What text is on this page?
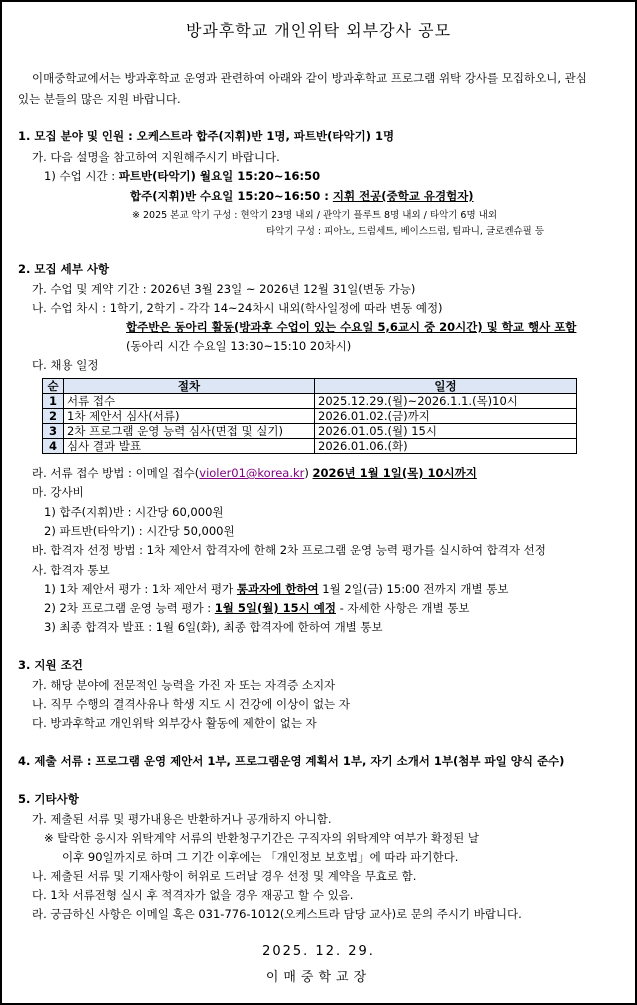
방과후학교 개인위탁 외부강사 공모
이매중학교에서는 방과후학교 운영과 관련하여 아래와 같이 방과후학교 프로그램 위탁 강사를 모집하오니, 관심
있는 분들의 많은 지원 바랍니다.
1. 모집 분야 및 인원 : 오케스트라 합주(지휘)반 1명, 파트반(타악기) 1명
가. 다음 설명을 참고하여 지원해주시기 바랍니다.
1) 수업 시간 : 파트반(타악기) 월요일 15:20~16:50
합주(지휘)반 수요일 15:20~16:50 : 지휘 전공(중학교 유경험자)
※ 2025 본교 악기 구성 : 현악기 23명 내외 / 관악기 플루트 8명 내외 / 타악기 6명 내외
타악기 구성 : 피아노, 드럼세트, 베이스드럼, 팀파니, 글로켄슈필 등
2. 모집 세부 사항
가. 수업 및 계약 기간 : 2026년 3월 23일 ~ 2026년 12월 31일(변동 가능)
나. 수업 차시 : 1학기, 2학기 - 각각 14~24차시 내외(학사일정에 따라 변동 예정)
합주반은 동아리 활동(방과후 수업이 있는 수요일 5,6교시 중 20시간) 및 학교 행사 포함
(동아리 시간 수요일 13:30~15:10 20차시)
다. 채용 일정
순	절차	일정
1	서류 접수	2025.12.29.(월)~2026.1.1.(목)10시
2	1차 제안서 심사(서류)	2026.01.02.(금)까지
3	2차 프로그램 운영 능력 심사(면접 및 실기)	2026.01.05.(월) 15시
4	심사 결과 발표	2026.01.06.(화)
라. 서류 접수 방법 : 이메일 접수(violer01@korea.kr) 2026년 1월 1일(목) 10시까지
마. 강사비
1) 합주(지휘)반 : 시간당 60,000원
2) 파트반(타악기) : 시간당 50,000원
바. 합격자 선정 방법 : 1차 제안서 합격자에 한해 2차 프로그램 운영 능력 평가를 실시하여 합격자 선정
사. 합격자 통보
1) 1차 제안서 평가 : 1차 제안서 평가 통과자에 한하여 1월 2일(금) 15:00 전까지 개별 통보
2) 2차 프로그램 운영 능력 평가 : 1월 5일(월) 15시 예정 - 자세한 사항은 개별 통보
3) 최종 합격자 발표 : 1월 6일(화), 최종 합격자에 한하여 개별 통보
3. 지원 조건
가. 해당 분야에 전문적인 능력을 가진 자 또는 자격증 소지자
나. 직무 수행의 결격사유나 학생 지도 시 건강에 이상이 없는 자
다. 방과후학교 개인위탁 외부강사 활동에 제한이 없는 자
4. 제출 서류 : 프로그램 운영 제안서 1부, 프로그램운영 계획서 1부, 자기 소개서 1부(첨부 파일 양식 준수)
5. 기타사항
가. 제출된 서류 및 평가내용은 반환하거나 공개하지 아니함.
※ 탈락한 응시자 위탁계약 서류의 반환청구기간은 구직자의 위탁계약 여부가 확정된 날
이후 90일까지로 하며 그 기간 이후에는 「개인정보 보호법」에 따라 파기한다.
나. 제출된 서류 및 기재사항이 허위로 드러날 경우 선정 및 계약을 무효로 함.
다. 1차 서류전형 실시 후 적격자가 없을 경우 재공고 할 수 있음.
라. 궁금하신 사항은 이메일 혹은 031-776-1012(오케스트라 담당 교사)로 문의 주시기 바랍니다.
2025. 12. 29.
이매중학교장
